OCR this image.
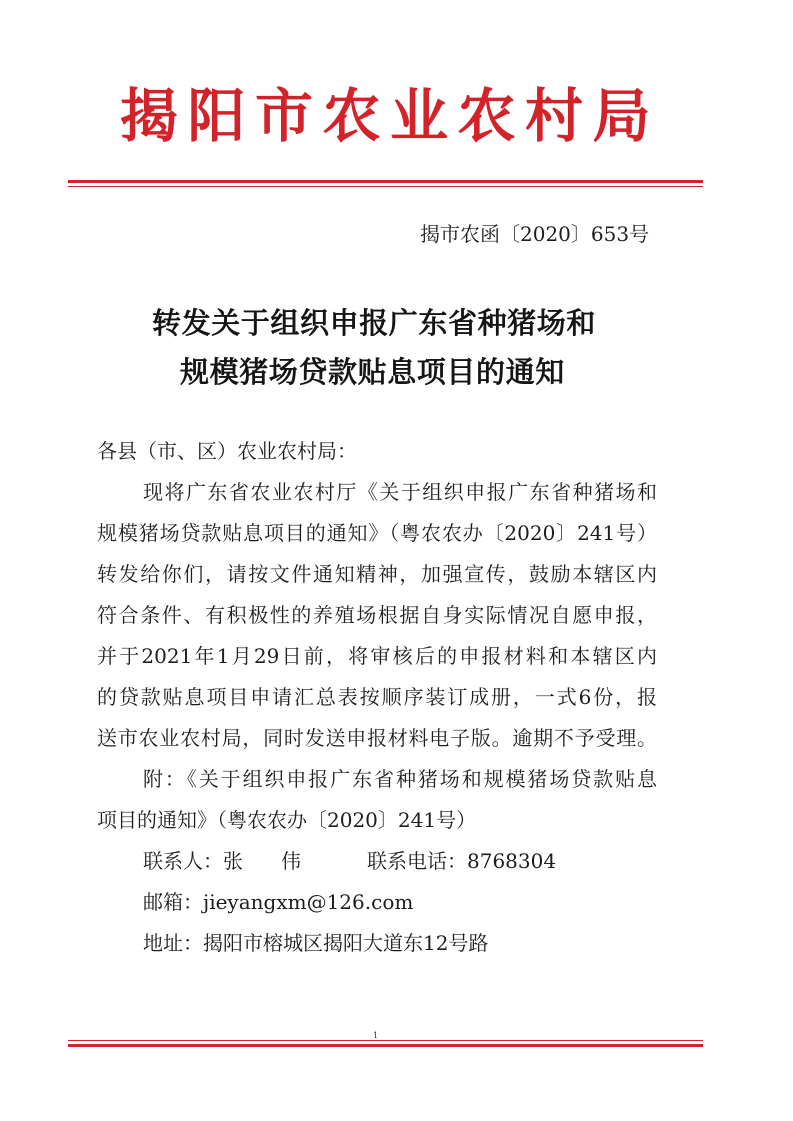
揭阳市农业农村局
揭市农函〔2020〕653号
转发关于组织申报广东省种猪场和
规模猪场贷款贴息项目的通知
各县（市、区）农业农村局：
现将广东省农业农村厅《关于组织申报广东省种猪场和
规模猪场贷款贴息项目的通知》（粤农农办〔2020〕241号）
转发给你们，请按文件通知精神，加强宣传，鼓励本辖区内
符合条件、有积极性的养殖场根据自身实际情况自愿申报，
并于2021年1月29日前，将审核后的申报材料和本辖区内
的贷款贴息项目申请汇总表按顺序装订成册，一式6份，报
送市农业农村局，同时发送申报材料电子版。逾期不予受理。
附：《关于组织申报广东省种猪场和规模猪场贷款贴息
项目的通知》（粤农农办〔2020〕241号）
联系人：张　伟	联系电话：8768304
邮箱：jieyangxm@126.com
地址：揭阳市榕城区揭阳大道东12号路
1
